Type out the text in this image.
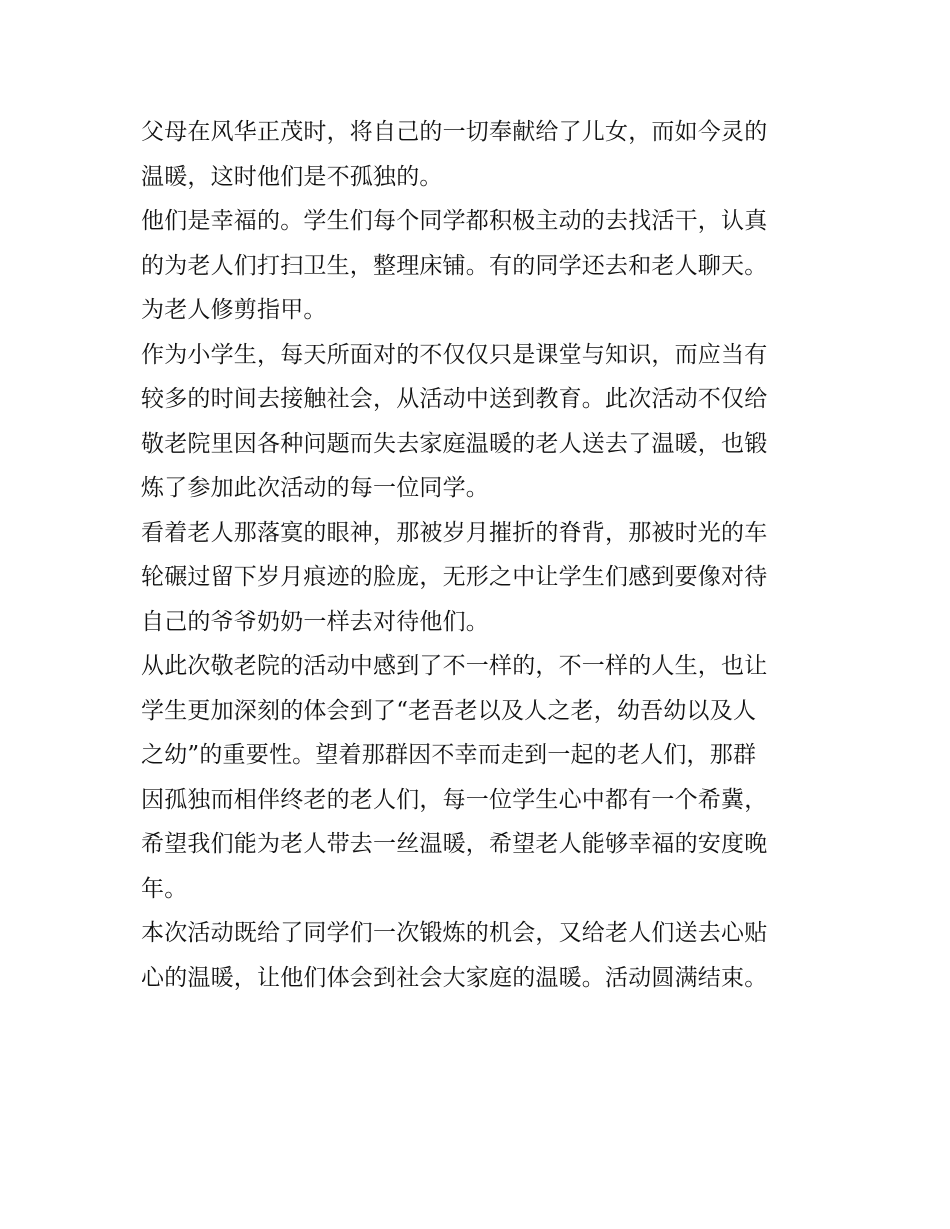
父母在风华正茂时，将自己的一切奉献给了儿女，而如今灵的
温暖，这时他们是不孤独的。

他们是幸福的。学生们每个同学都积极主动的去找活干，认真
的为老人们打扫卫生，整理床铺。有的同学还去和老人聊天。
为老人修剪指甲。

作为小学生，每天所面对的不仅仅只是课堂与知识，而应当有
较多的时间去接触社会，从活动中送到教育。此次活动不仅给
敬老院里因各种问题而失去家庭温暖的老人送去了温暖，也锻
炼了参加此次活动的每一位同学。

看着老人那落寞的眼神，那被岁月摧折的脊背，那被时光的车
轮碾过留下岁月痕迹的脸庞，无形之中让学生们感到要像对待
自己的爷爷奶奶一样去对待他们。

从此次敬老院的活动中感到了不一样的，不一样的人生，也让
学生更加深刻的体会到了“老吾老以及人之老，幼吾幼以及人
之幼”的重要性。望着那群因不幸而走到一起的老人们，那群
因孤独而相伴终老的老人们，每一位学生心中都有一个希冀，
希望我们能为老人带去一丝温暖，希望老人能够幸福的安度晚
年。

本次活动既给了同学们一次锻炼的机会，又给老人们送去心贴
心的温暖，让他们体会到社会大家庭的温暖。活动圆满结束。
